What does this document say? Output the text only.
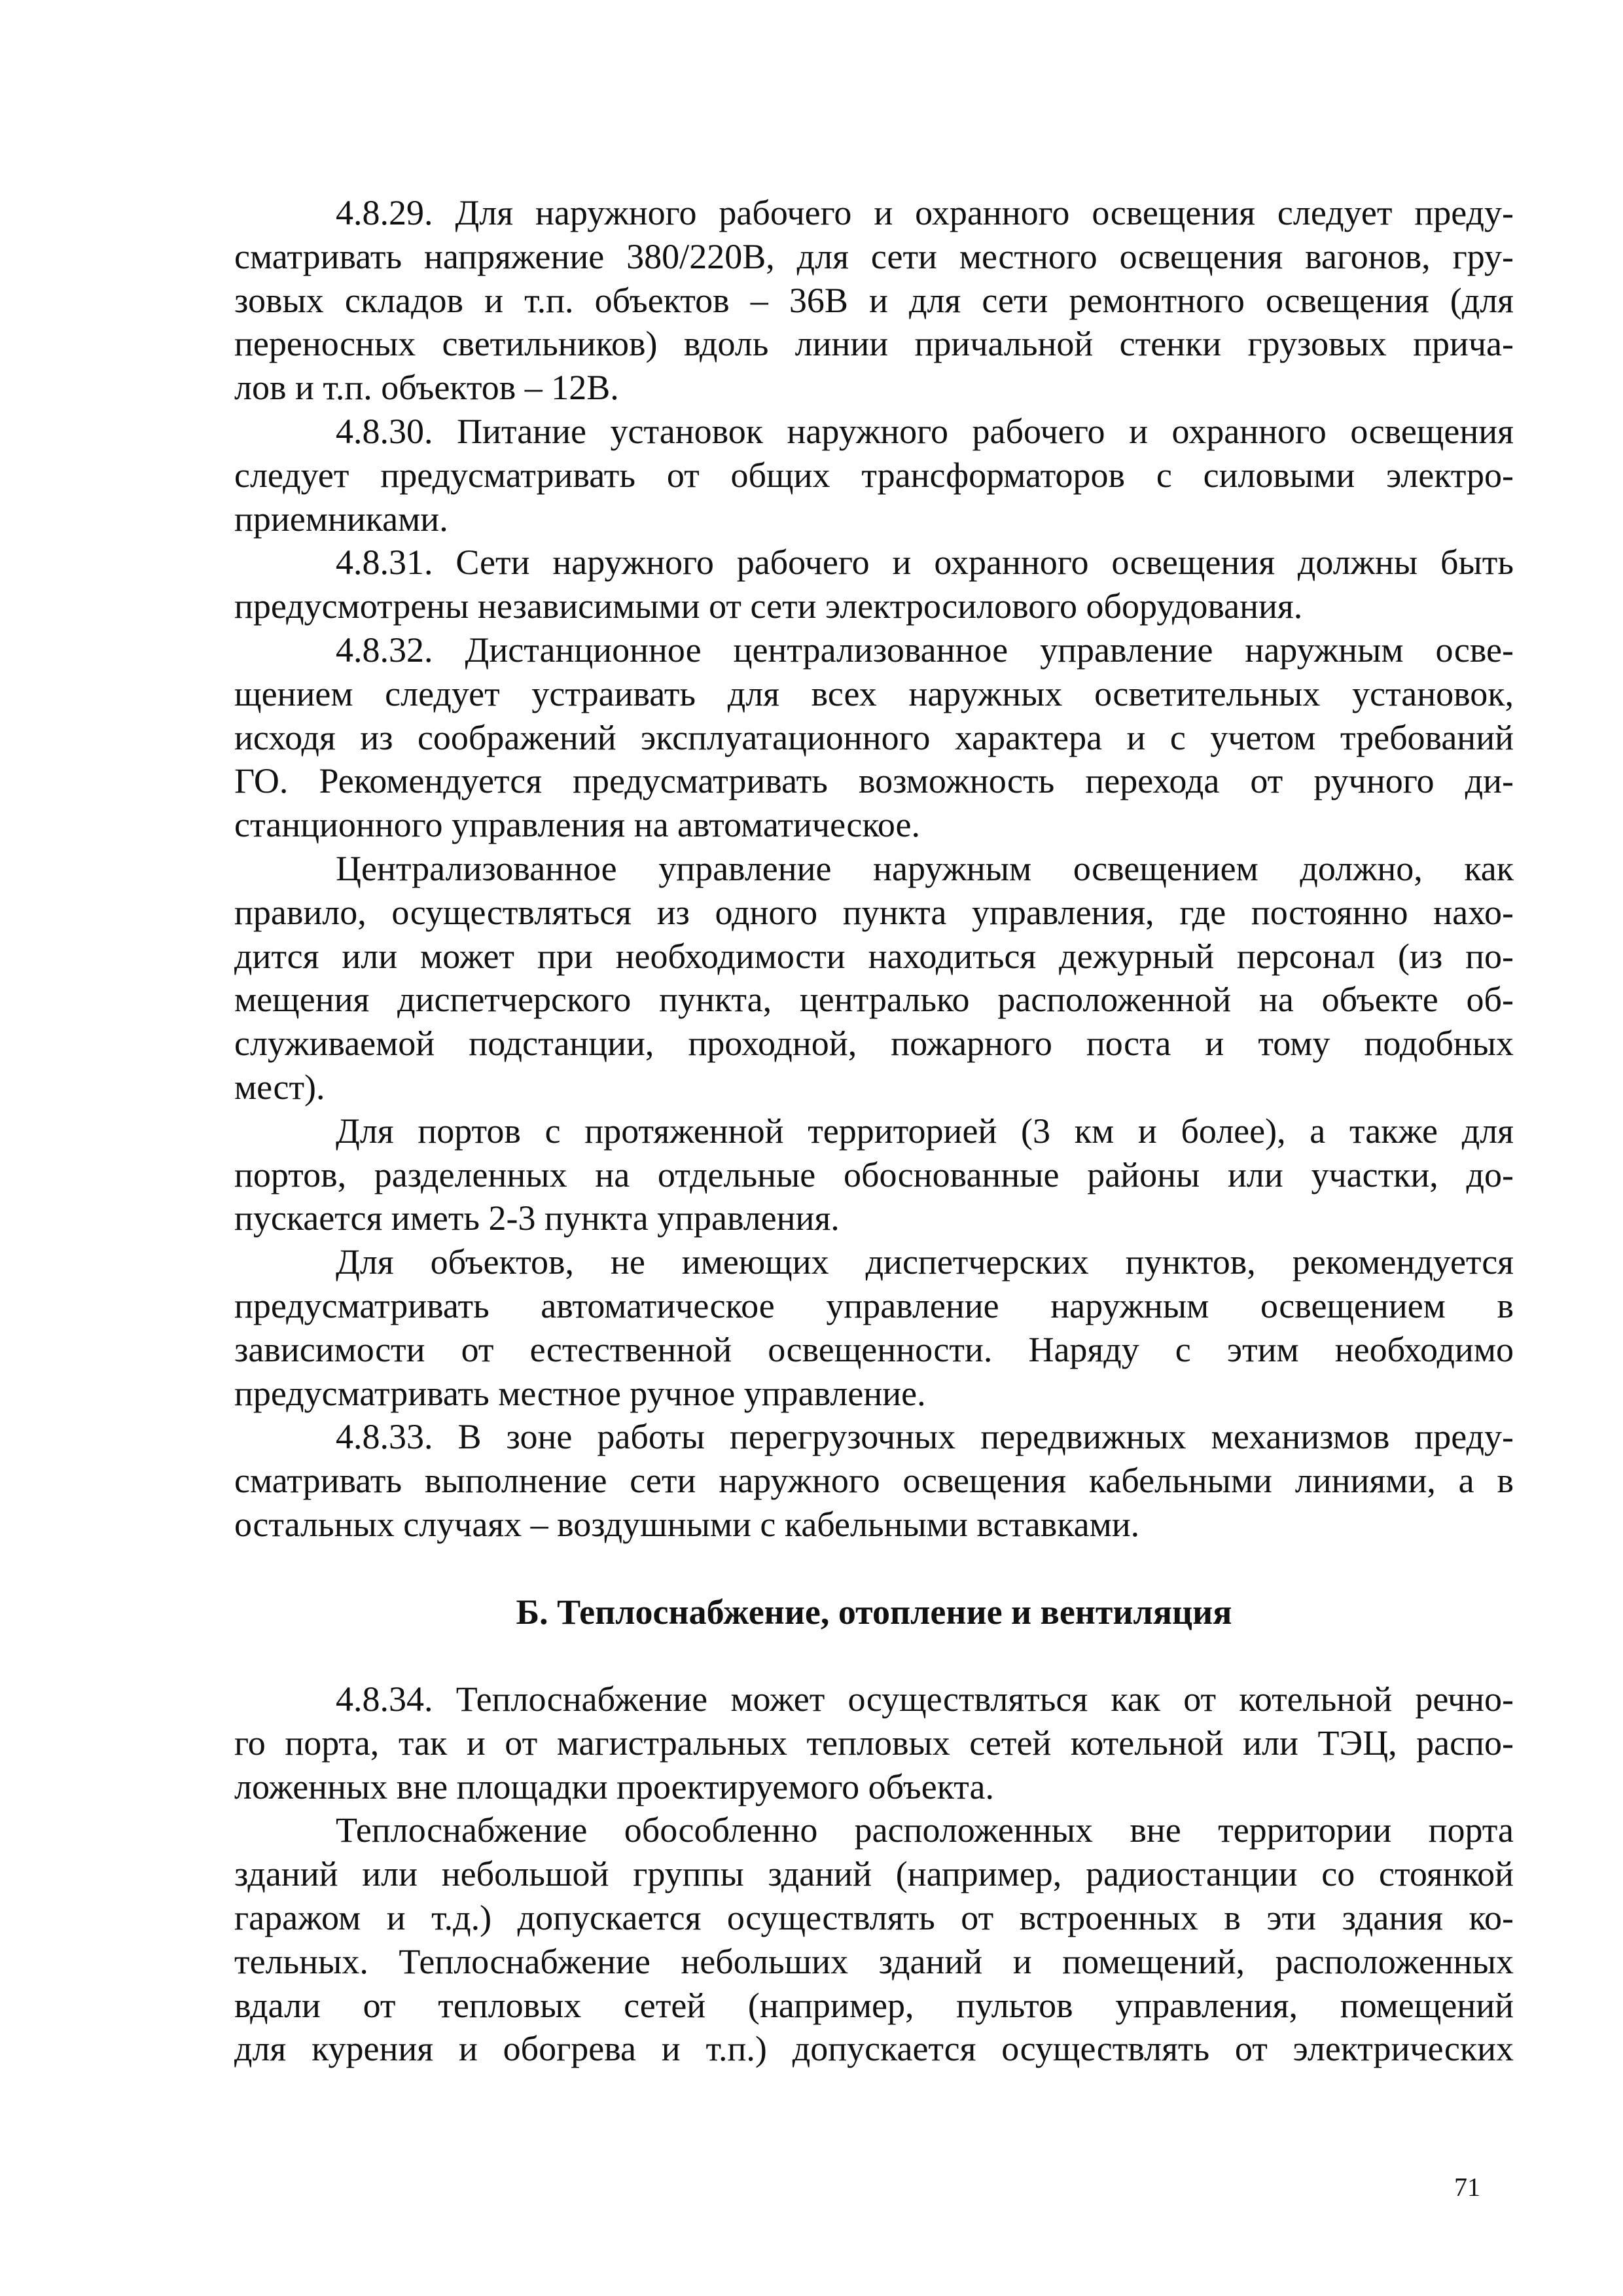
4.8.29. Для наружного рабочего и охранного освещения следует преду-
сматривать напряжение 380/220В, для сети местного освещения вагонов, гру-
зовых складов и т.п. объектов – 36В и для сети ремонтного освещения (для
переносных светильников) вдоль линии причальной стенки грузовых прича-
лов и т.п. объектов – 12В.
4.8.30. Питание установок наружного рабочего и охранного освещения
следует предусматривать от общих трансформаторов с силовыми электро-
приемниками.
4.8.31. Сети наружного рабочего и охранного освещения должны быть
предусмотрены независимыми от сети электросилового оборудования.
4.8.32. Дистанционное централизованное управление наружным осве-
щением следует устраивать для всех наружных осветительных установок,
исходя из соображений эксплуатационного характера и с учетом требований
ГО. Рекомендуется предусматривать возможность перехода от ручного ди-
станционного управления на автоматическое.
Централизованное управление наружным освещением должно, как
правило, осуществляться из одного пункта управления, где постоянно нахо-
дится или может при необходимости находиться дежурный персонал (из по-
мещения диспетчерского пункта, централько расположенной на объекте об-
служиваемой подстанции, проходной, пожарного поста и тому подобных
мест).
Для портов с протяженной территорией (3 км и более), а также для
портов, разделенных на отдельные обоснованные районы или участки, до-
пускается иметь 2-3 пункта управления.
Для объектов, не имеющих диспетчерских пунктов, рекомендуется
предусматривать автоматическое управление наружным освещением в
зависимости от естественной освещенности. Наряду с этим необходимо
предусматривать местное ручное управление.
4.8.33. В зоне работы перегрузочных передвижных механизмов преду-
сматривать выполнение сети наружного освещения кабельными линиями, а в
остальных случаях – воздушными с кабельными вставками.
Б. Теплоснабжение, отопление и вентиляция
4.8.34. Теплоснабжение может осуществляться как от котельной речно-
го порта, так и от магистральных тепловых сетей котельной или ТЭЦ, распо-
ложенных вне площадки проектируемого объекта.
Теплоснабжение обособленно расположенных вне территории порта
зданий или небольшой группы зданий (например, радиостанции со стоянкой
гаражом и т.д.) допускается осуществлять от встроенных в эти здания ко-
тельных. Теплоснабжение небольших зданий и помещений, расположенных
вдали от тепловых сетей (например, пультов управления, помещений
для курения и обогрева и т.п.) допускается осуществлять от электрических
71
